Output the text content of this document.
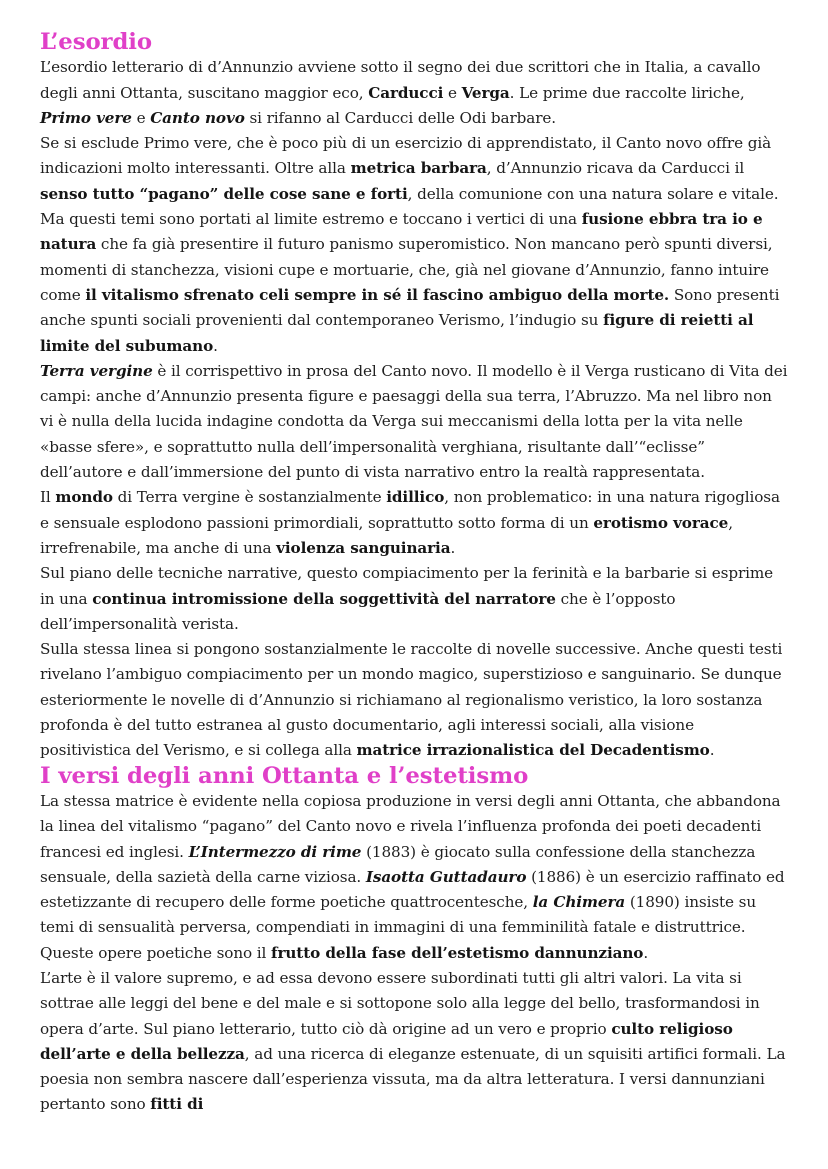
L’esordio

L’esordio letterario di d’Annunzio avviene sotto il segno dei due scrittori che in Italia, a cavallo degli anni Ottanta, suscitano maggior eco, Carducci e Verga. Le prime due raccolte liriche, Primo vere e Canto novo si rifanno al Carducci delle Odi barbare.

Se si esclude Primo vere, che è poco più di un esercizio di apprendistato, il Canto novo offre già indicazioni molto interessanti. Oltre alla metrica barbara, d’Annunzio ricava da Carducci il senso tutto “pagano” delle cose sane e forti, della comunione con una natura solare e vitale. Ma questi temi sono portati al limite estremo e toccano i vertici di una fusione ebbra tra io e natura che fa già presentire il futuro panismo superomistico. Non mancano però spunti diversi, momenti di stanchezza, visioni cupe e mortuarie, che, già nel giovane d’Annunzio, fanno intuire come il vitalismo sfrenato celi sempre in sé il fascino ambiguo della morte. Sono presenti anche spunti sociali provenienti dal contemporaneo Verismo, l’indugio su figure di reietti al limite del subumano.

Terra vergine è il corrispettivo in prosa del Canto novo. Il modello è il Verga rusticano di Vita dei campi: anche d’Annunzio presenta figure e paesaggi della sua terra, l’Abruzzo. Ma nel libro non vi è nulla della lucida indagine condotta da Verga sui meccanismi della lotta per la vita nelle «basse sfere», e soprattutto nulla dell’impersonalità verghiana, risultante dall’“eclisse” dell’autore e dall’immersione del punto di vista narrativo entro la realtà rappresentata.

Il mondo di Terra vergine è sostanzialmente idillico, non problematico: in una natura rigogliosa e sensuale esplodono passioni primordiali, soprattutto sotto forma di un erotismo vorace, irrefrenabile, ma anche di una violenza sanguinaria.

Sul piano delle tecniche narrative, questo compiacimento per la ferinità e la barbarie si esprime in una continua intromissione della soggettività del narratore che è l’opposto dell’impersonalità verista.

Sulla stessa linea si pongono sostanzialmente le raccolte di novelle successive. Anche questi testi rivelano l’ambiguo compiacimento per un mondo magico, superstizioso e sanguinario. Se dunque esteriormente le novelle di d’Annunzio si richiamano al regionalismo veristico, la loro sostanza profonda è del tutto estranea al gusto documentario, agli interessi sociali, alla visione positivistica del Verismo, e si collega alla matrice irrazionalistica del Decadentismo.

I versi degli anni Ottanta e l’estetismo

La stessa matrice è evidente nella copiosa produzione in versi degli anni Ottanta, che abbandona la linea del vitalismo “pagano” del Canto novo e rivela l’influenza profonda dei poeti decadenti francesi ed inglesi. L’Intermezzo di rime (1883) è giocato sulla confessione della stanchezza sensuale, della sazietà della carne viziosa. Isaotta Guttadauro (1886) è un esercizio raffinato ed estetizzante di recupero delle forme poetiche quattrocentesche, la Chimera (1890) insiste su temi di sensualità perversa, compendiati in immagini di una femminilità fatale e distruttrice.

Queste opere poetiche sono il frutto della fase dell’estetismo dannunziano.

L’arte è il valore supremo, e ad essa devono essere subordinati tutti gli altri valori. La vita si sottrae alle leggi del bene e del male e si sottopone solo alla legge del bello, trasformandosi in opera d’arte. Sul piano letterario, tutto ciò dà origine ad un vero e proprio culto religioso dell’arte e della bellezza, ad una ricerca di eleganze estenuate, di un squisiti artifici formali. La poesia non sembra nascere dall’esperienza vissuta, ma da altra letteratura. I versi dannunziani pertanto sono fitti di
